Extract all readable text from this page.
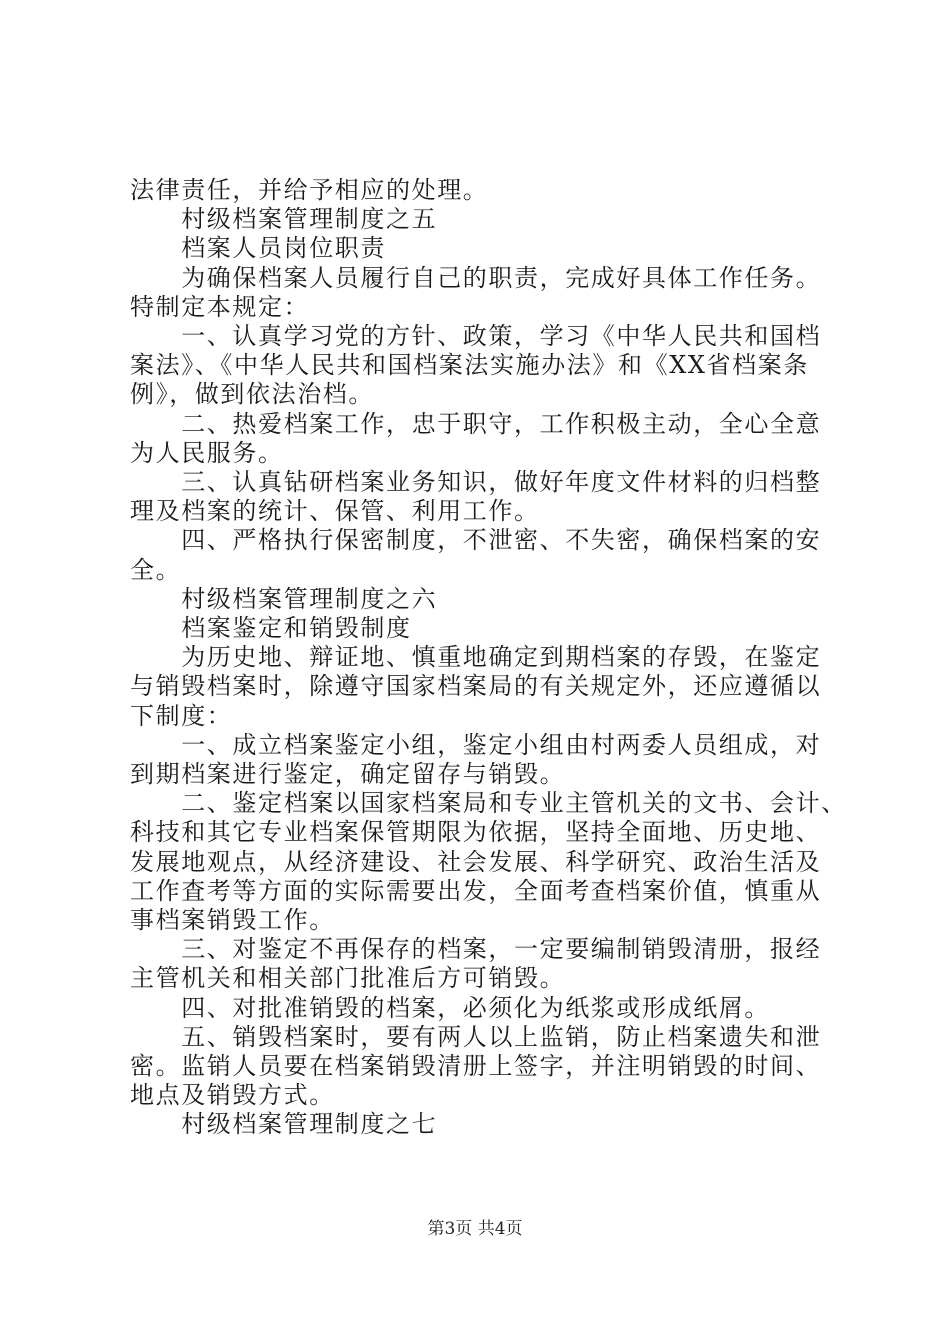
法律责任，并给予相应的处理。
　　村级档案管理制度之五
　　档案人员岗位职责
　　为确保档案人员履行自己的职责，完成好具体工作任务。
特制定本规定：
　　一、认真学习党的方针、政策，学习《中华人民共和国档
案法》、《中华人民共和国档案法实施办法》和《XX省档案条
例》，做到依法治档。
　　二、热爱档案工作，忠于职守，工作积极主动，全心全意
为人民服务。
　　三、认真钻研档案业务知识，做好年度文件材料的归档整
理及档案的统计、保管、利用工作。
　　四、严格执行保密制度，不泄密、不失密，确保档案的安
全。
　　村级档案管理制度之六
　　档案鉴定和销毁制度
　　为历史地、辩证地、慎重地确定到期档案的存毁，在鉴定
与销毁档案时，除遵守国家档案局的有关规定外，还应遵循以
下制度：
　　一、成立档案鉴定小组，鉴定小组由村两委人员组成，对
到期档案进行鉴定，确定留存与销毁。
　　二、鉴定档案以国家档案局和专业主管机关的文书、会计、
科技和其它专业档案保管期限为依据，坚持全面地、历史地、
发展地观点，从经济建设、社会发展、科学研究、政治生活及
工作査考等方面的实际需要出发，全面考查档案价值，慎重从
事档案销毁工作。
　　三、对鉴定不再保存的档案，一定要编制销毁清册，报经
主管机关和相关部门批准后方可销毁。
　　四、对批准销毁的档案，必须化为纸浆或形成纸屑。
　　五、销毁档案时，要有两人以上监销，防止档案遗失和泄
密。监销人员要在档案销毁清册上签字，并注明销毁的时间、
地点及销毁方式。
　　村级档案管理制度之七
第3页 共4页
